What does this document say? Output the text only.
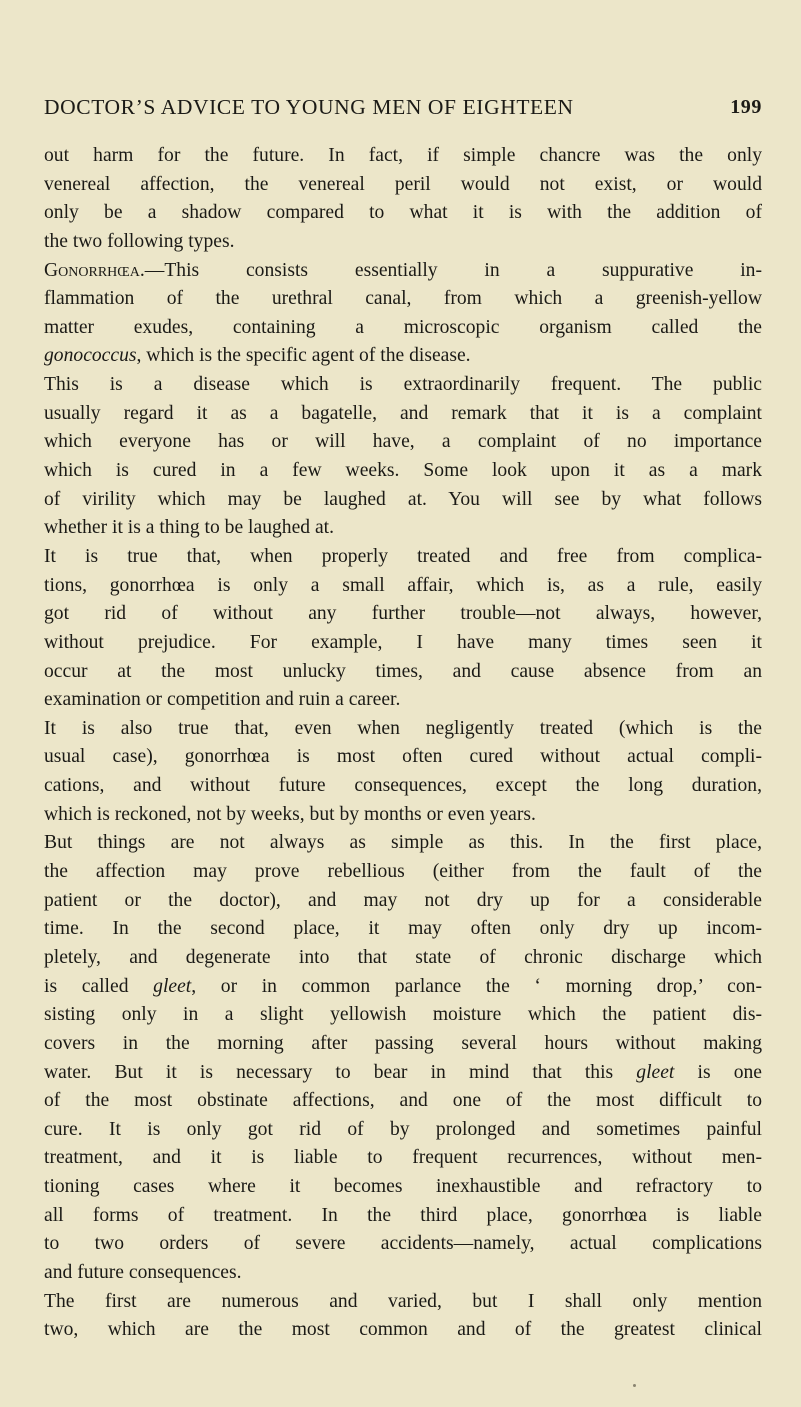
DOCTOR’S ADVICE TO YOUNG MEN OF EIGHTEEN	199
out harm for the future. In fact, if simple chancre was the only
venereal affection, the venereal peril would not exist, or would
only be a shadow compared to what it is with the addition of
the two following types.
Gonorrhœa.—This consists essentially in a suppurative in-
flammation of the urethral canal, from which a greenish-yellow
matter exudes, containing a microscopic organism called the
gonococcus, which is the specific agent of the disease.
This is a disease which is extraordinarily frequent. The public
usually regard it as a bagatelle, and remark that it is a complaint
which everyone has or will have, a complaint of no importance
which is cured in a few weeks. Some look upon it as a mark
of virility which may be laughed at. You will see by what follows
whether it is a thing to be laughed at.
It is true that, when properly treated and free from complica-
tions, gonorrhœa is only a small affair, which is, as a rule, easily
got rid of without any further trouble—not always, however,
without prejudice. For example, I have many times seen it
occur at the most unlucky times, and cause absence from an
examination or competition and ruin a career.
It is also true that, even when negligently treated (which is the
usual case), gonorrhœa is most often cured without actual compli-
cations, and without future consequences, except the long duration,
which is reckoned, not by weeks, but by months or even years.
But things are not always as simple as this. In the first place,
the affection may prove rebellious (either from the fault of the
patient or the doctor), and may not dry up for a considerable
time. In the second place, it may often only dry up incom-
pletely, and degenerate into that state of chronic discharge which
is called gleet, or in common parlance the ‘ morning drop,’ con-
sisting only in a slight yellowish moisture which the patient dis-
covers in the morning after passing several hours without making
water. But it is necessary to bear in mind that this gleet is one
of the most obstinate affections, and one of the most difficult to
cure. It is only got rid of by prolonged and sometimes painful
treatment, and it is liable to frequent recurrences, without men-
tioning cases where it becomes inexhaustible and refractory to
all forms of treatment. In the third place, gonorrhœa is liable
to two orders of severe accidents—namely, actual complications
and future consequences.
The first are numerous and varied, but I shall only mention
two, which are the most common and of the greatest clinical
